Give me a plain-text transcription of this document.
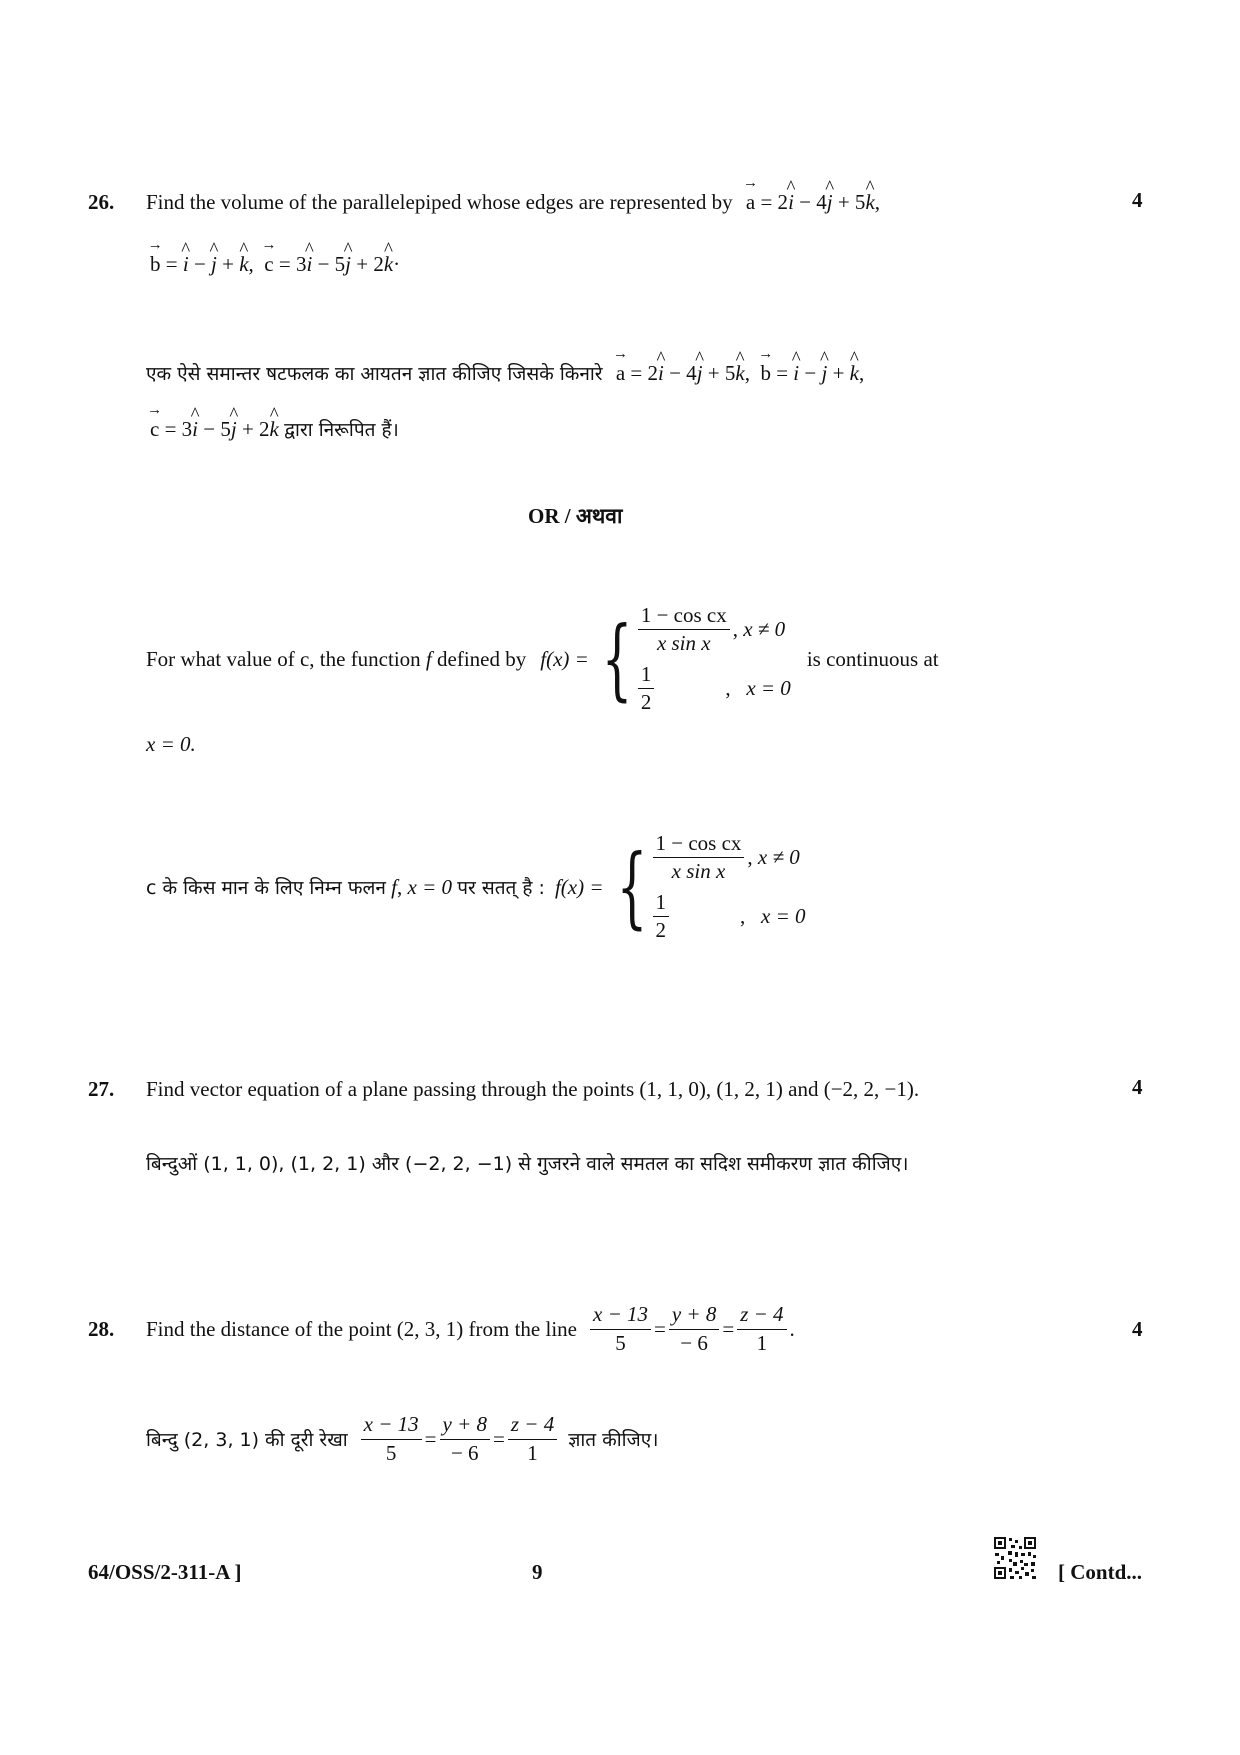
26.	4
Find the volume of the parallelepiped whose edges are represented by → a = 2^ i − 4^ j + 5^ k,
→ b = ^ i − ^ j + ^ k,  → c = 3^ i − 5^ j + 2^ k·
एक ऐसे समान्तर षटफलक का आयतन ज्ञात कीजिए जिसके किनारे → a = 2^ i − 4^ j + 5^ k,  → b = ^ i − ^ j + ^ k,
→ c = 3^ i − 5^ j + 2^ k द्वारा निरूपित हैं।
OR / अथवा
For what value of c, the function
f
defined by f(x) = { $\frac{\text{1 − cos cx}}{\text{x sin x}}$ , x ≠ 0
$\frac{1}{2}$	, x = 0
is continuous at
x = 0.
c के किस मान के लिए निम्न फलन
f , x = 0
पर सतत् है : f(x) = { $\frac{\text{1 − cos cx}}{\text{x sin x}}$ , x ≠ 0
$\frac{1}{2}$	, x = 0
27.	4
Find vector equation of a plane passing through the points (1, 1, 0), (1, 2, 1) and (−2, 2, −1).
बिन्दुओं (1, 1, 0), (1, 2, 1) और (−2, 2, −1) से गुजरने वाले समतल का सदिश समीकरण ज्ञात कीजिए।
28.	4
Find the distance of the point (2, 3, 1) from the line $\frac{x - 13}{5} = \frac{y + 8}{- 6} = \frac{z - 4}{1}$ .
बिन्दु (2, 3, 1) की दूरी रेखा $\frac{x - 13}{5} = \frac{y + 8}{- 6} = \frac{z - 4}{1}$ ज्ञात कीजिए।
64/OSS/2-311-A ]	9	[ Contd...
